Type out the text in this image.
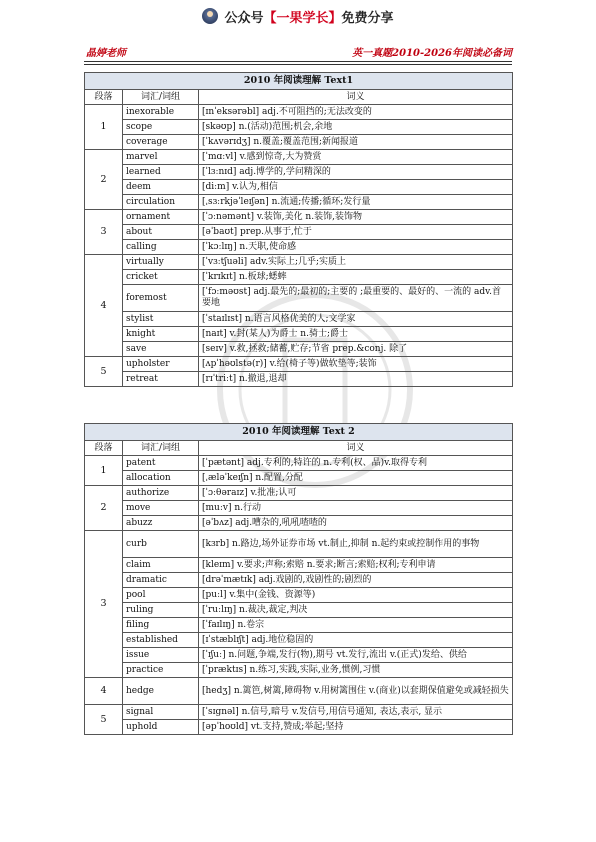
公众号 【一果学长】 免费分享
晶婷老师	英一真题2010-2026年阅读必备词
2010 年阅读理解 Text1		
段落	词汇/词组	词义
1	inexorable	[ɪnˈeksərəbl] adj.不可阻挡的;无法改变的
	scope	[skəʊp] n.(活动)范围;机会,余地
	coverage	[ˈkʌvərɪdʒ] n.覆盖;覆盖范围;新闻报道
2	marvel	[ˈmɑːvl] v.感到惊奇,大为赞赏
	learned	[ˈlɜːnɪd] adj.博学的,学问精深的
	deem	[diːm] v.认为,相信
	circulation	[ˌsɜːrkjəˈleɪʃən] n.流通;传播;循环;发行量
3	ornament	[ˈɔːnəmənt] v.装饰,美化 n.装饰,装饰物
	about	[əˈbaʊt] prep.从事于,忙于
	calling	[ˈkɔːlɪŋ] n.天职,使命感
4	virtually	[ˈvɜːtʃuəli] adv.实际上;几乎;实质上
	cricket	[ˈkrɪkɪt] n.板球;蟋蟀
	foremost	[ˈfɔːməʊst] adj.最先的;最初的;主要的 ;最重要的、最好的、一流的 adv.首要地
	stylist	[ˈstaɪlɪst] n.语言风格优美的人;文学家
	knight	[naɪt] v.封(某人)为爵士 n.骑士;爵士
	save	[seɪv] v.救,拯救;储蓄,贮存;节省 prep.&conj. 除了
5	upholster	[ʌpˈhəʊlstə(r)] v.给(椅子等)做软垫等;装饰
	retreat	[rɪˈtriːt] n.撤退,退却
2010 年阅读理解 Text 2		
段落	词汇/词组	词义
1	patent	[ˈpætənt] adj.专利的,特许的 n.专利(权、品)v.取得专利
	allocation	[ˌæləˈkeɪʃn] n.配置,分配
2	authorize	[ˈɔːθəraɪz] v.批准;认可
	move	[muːv] n.行动
	abuzz	[əˈbʌz] adj.嘈杂的,吼吼喳喳的
3	curb	[kɜrb] n.路边,场外证券市场 vt.制止,抑制 n.起约束或控制作用的事物
	claim	[kleɪm] v.要求;声称;索赔 n.要求;断言;索赔;权利;专利申请
	dramatic	[drəˈmætɪk] adj.戏剧的,戏剧性的;剧烈的
	pool	[puːl] v.集中(金钱、资源等)
	ruling	[ˈruːlɪŋ] n.裁决,裁定,判决
	filing	[ˈfaɪlɪŋ] n.卷宗
	established	[ɪˈstæblɪʃt] adj.地位稳固的
	issue	[ˈɪʃuː] n.问题,争端,发行(物),期号 vt.发行,流出 v.(正式)发给、供给
	practice	[ˈpræktɪs] n.练习,实践,实际,业务,惯例,习惯
4	hedge	[hedʒ] n.篱笆,树篱,障碍物 v.用树篱围住 v.(商业)以套期保值避免或减轻损失
5	signal	[ˈsɪgnəl] n.信号,暗号 v.发信号,用信号通知, 表达,表示, 显示
	uphold	[əpˈhoʊld] vt.支持,赞成;举起;坚持
